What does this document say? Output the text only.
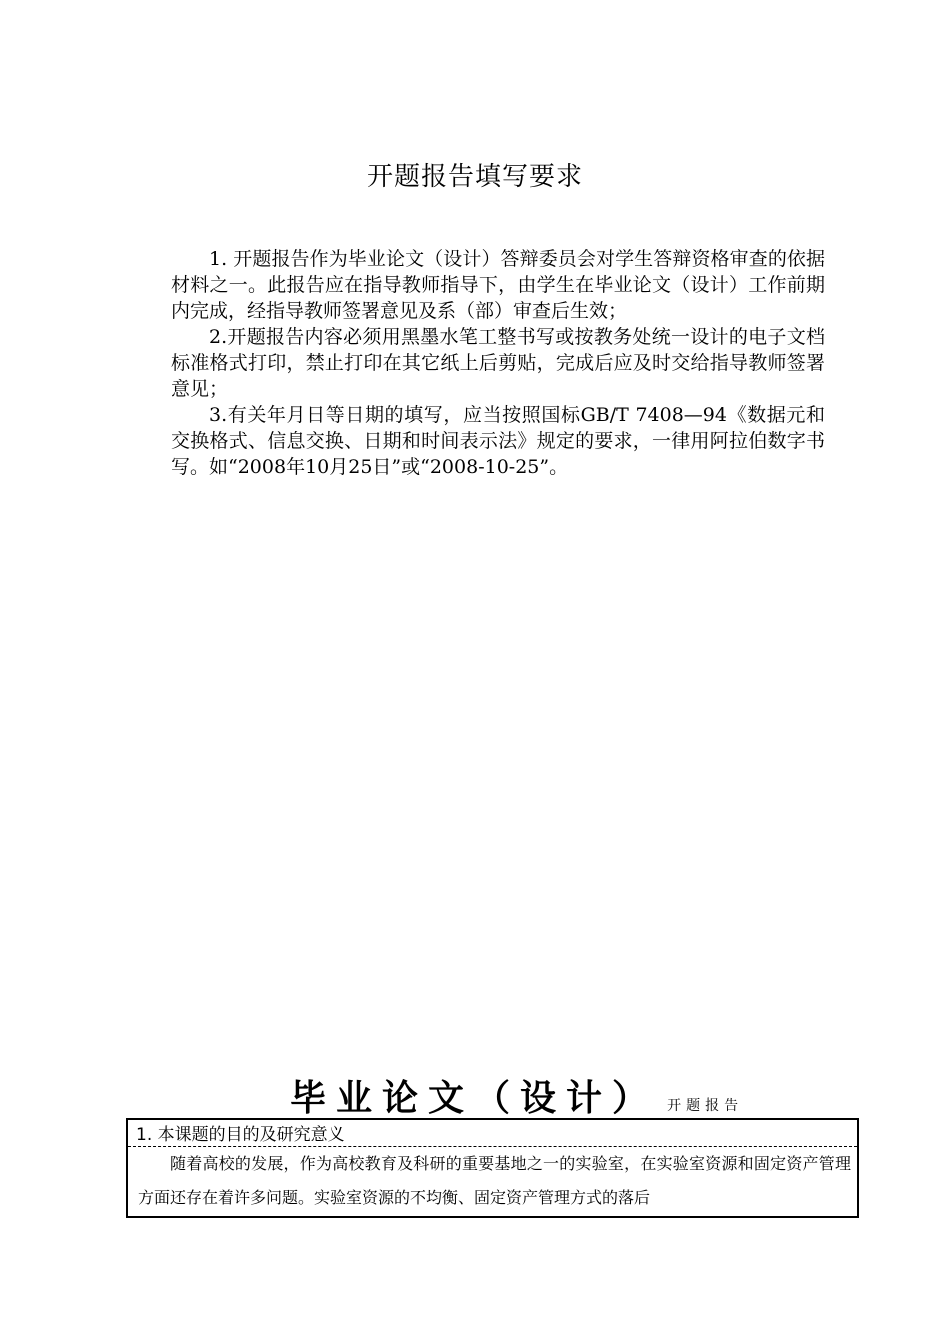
开题报告填写要求

1. 开题报告作为毕业论文（设计）答辩委员会对学生答辩资格审查的依据材料之一。此报告应在指导教师指导下，由学生在毕业论文（设计）工作前期内完成，经指导教师签署意见及系（部）审查后生效；

2.开题报告内容必须用黑墨水笔工整书写或按教务处统一设计的电子文档标准格式打印，禁止打印在其它纸上后剪贴，完成后应及时交给指导教师签署意见；

3.有关年月日等日期的填写，应当按照国标GB/T 7408—94《数据元和交换格式、信息交换、日期和时间表示法》规定的要求，一律用阿拉伯数字书写。如“2008年10月25日”或“2008-10-25”。

毕业论文（设计） 开题报告
1. 本课题的目的及研究意义
随着高校的发展，作为高校教育及科研的重要基地之一的实验室，在实验室资源和固定资产管理方面还存在着许多问题。实验室资源的不均衡、固定资产管理方式的落后
